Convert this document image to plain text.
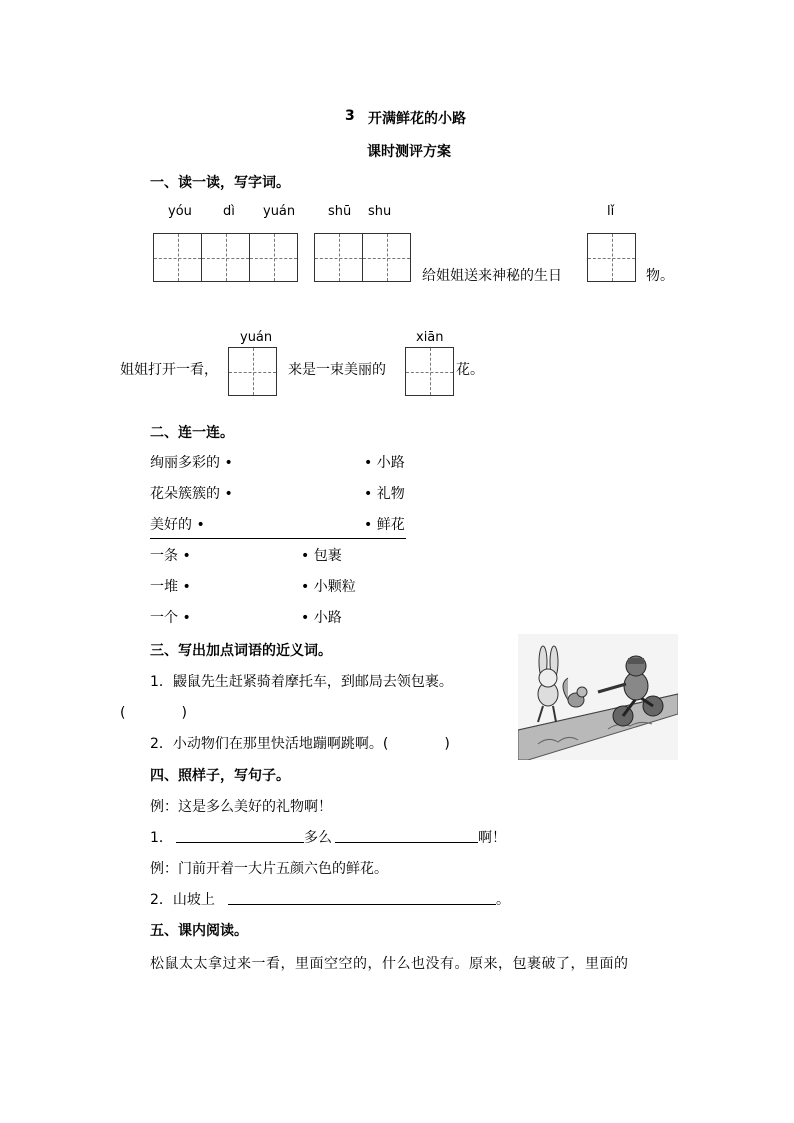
3 开满鲜花的小路
课时测评方案
一、读一读，写字词。
yóu dì yuán	shū shu	lǐ
给姐姐送来神秘的生日	物。
yuán	xiān
姐姐打开一看，	来是一束美丽的	花。
二、连一连。
绚丽多彩的 •
花朵簇簇的 •
美好的 •
• 小路
• 礼物
• 鲜花
一条 •
一堆 •
一个 •
• 包裹
• 小颗粒
• 小路
三、写出加点词语的近义词。
1．鼹鼠先生赶紧骑着摩托车，到邮局去领包裹。
(　　　　)
2．小动物们在那里快活地蹦啊跳啊。(　　　　)
四、照样子，写句子。
例：这是多么美好的礼物啊！
1．	多么	啊！
例：门前开着一大片五颜六色的鲜花。
2．山坡上	。
五、课内阅读。
松鼠太太拿过来一看，里面空空的，什么也没有。原来，包裹破了，里面的
